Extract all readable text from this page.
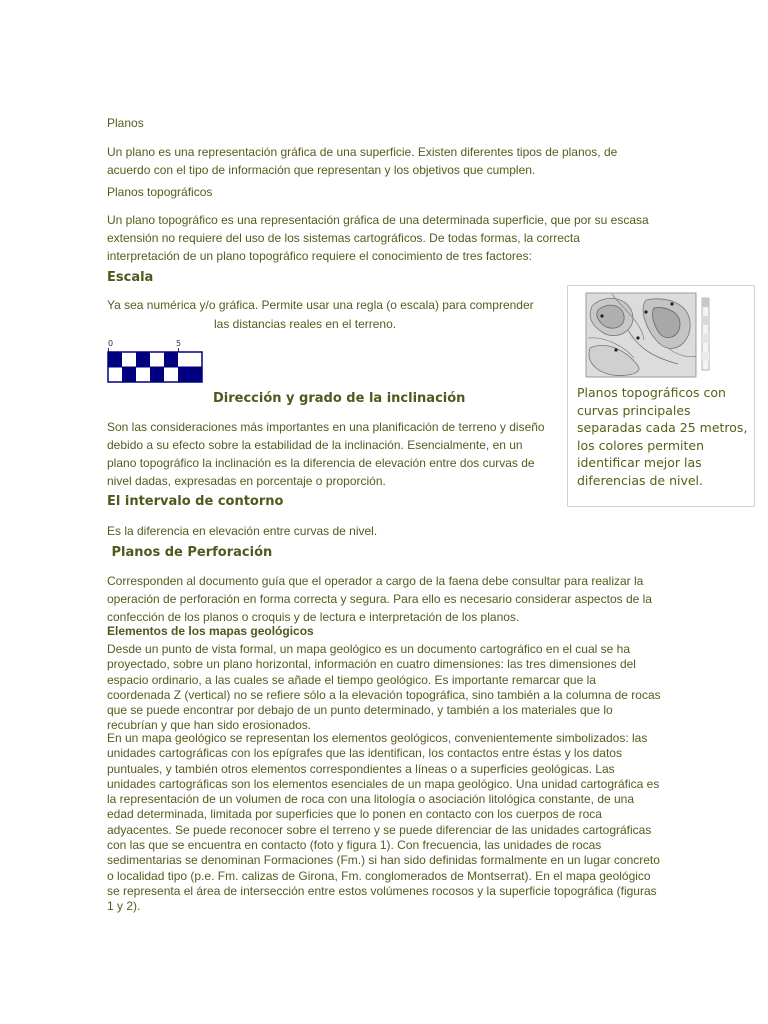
Planos

Un plano es una representación gráfica de una superficie. Existen diferentes tipos de planos, de acuerdo con el tipo de información que representan y los objetivos que cumplen.

Planos topográficos

Un plano topográfico es una representación gráfica de una determinada superficie, que por su escasa extensión no requiere del uso de los sistemas cartográficos. De todas formas, la correcta interpretación de un plano topográfico requiere el conocimiento de tres factores:

Escala

Ya sea numérica y/o gráfica. Permite usar una regla (o escala) para comprender

las distancias reales en el terreno.

0	5

Planos topográficos con curvas principales separadas cada 25 metros,
los colores permiten identificar mejor las diferencias de nivel.

Dirección y grado de la inclinación

Son las consideraciones más importantes en una planificación de terreno y diseño debido a su efecto sobre la estabilidad de la inclinación. Esencialmente, en un plano topográfico la inclinación es la diferencia de elevación entre dos curvas de nivel dadas, expresadas en porcentaje o proporción.

El intervalo de contorno

Es la diferencia en elevación entre curvas de nivel.

Planos de Perforación

Corresponden al documento guía que el operador a cargo de la faena debe consultar para realizar la operación de perforación en forma correcta y segura. Para ello es necesario considerar aspectos de la confección de los planos o croquis y de lectura e interpretación de los planos.

Elementos de los mapas geológicos

Desde un punto de vista formal, un mapa geológico es un documento cartográfico en el cual se ha proyectado, sobre un plano horizontal, información en cuatro dimensiones: las tres dimensiones del espacio ordinario, a las cuales se añade el tiempo geológico. Es importante remarcar que la coordenada Z (vertical) no se refiere sólo a la elevación topográfica, sino también a la columna de rocas que se puede encontrar por debajo de un punto determinado, y también a los materiales que lo recubrían y que han sido erosionados.

En un mapa geológico se representan los elementos geológicos, convenientemente simbolizados: las unidades cartográficas con los epígrafes que las identifican, los contactos entre éstas y los datos puntuales, y también otros elementos correspondientes a líneas o a superficies geológicas. Las unidades cartográficas son los elementos esenciales de un mapa geológico. Una unidad cartográfica es la representación de un volumen de roca con una litología o asociación litológica constante, de una edad determinada, limitada por superficies que lo ponen en contacto con los cuerpos de roca adyacentes. Se puede reconocer sobre el terreno y se puede diferenciar de las unidades cartográficas con las que se encuentra en contacto (foto y figura 1). Con frecuencia, las unidades de rocas sedimentarias se denominan Formaciones (Fm.) si han sido definidas formalmente en un lugar concreto o localidad tipo (p.e. Fm. calizas de Girona, Fm. conglomerados de Montserrat). En el mapa geológico se representa el área de intersección entre estos volúmenes rocosos y la superficie topográfica (figuras 1 y 2).
